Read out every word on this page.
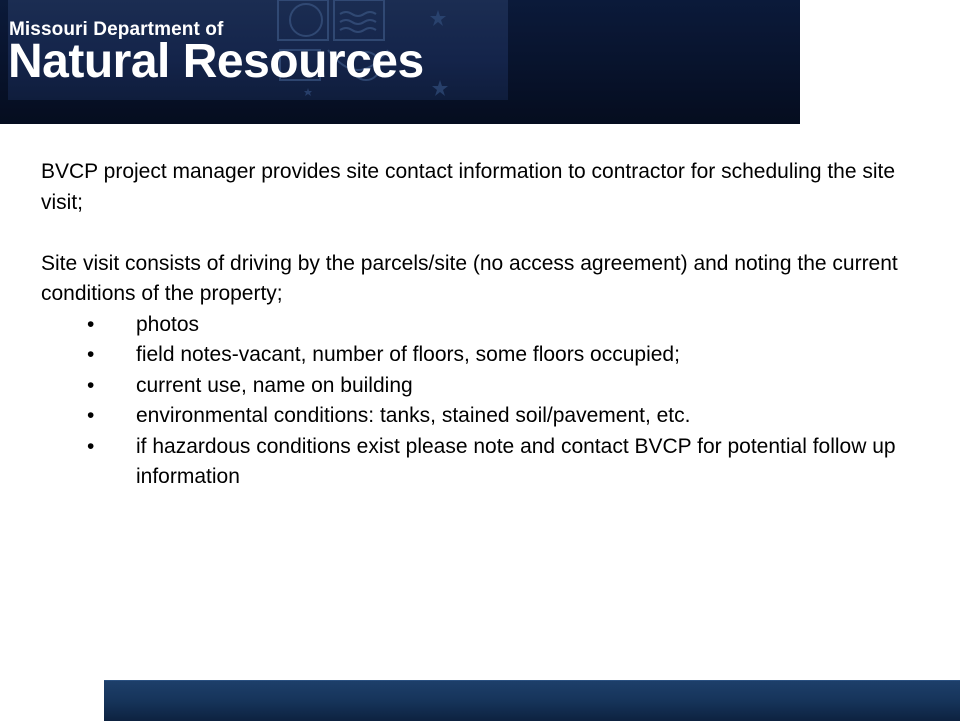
Missouri Department of

Natural Resources

BVCP project manager provides site contact information to contractor for scheduling the site visit;

Site visit consists of driving by the parcels/site (no access agreement) and noting the current conditions of the property;

• photos
• field notes-vacant, number of floors, some floors occupied;
• current use, name on building
• environmental conditions: tanks, stained soil/pavement, etc.
• if hazardous conditions exist please note and contact BVCP for potential follow up information
